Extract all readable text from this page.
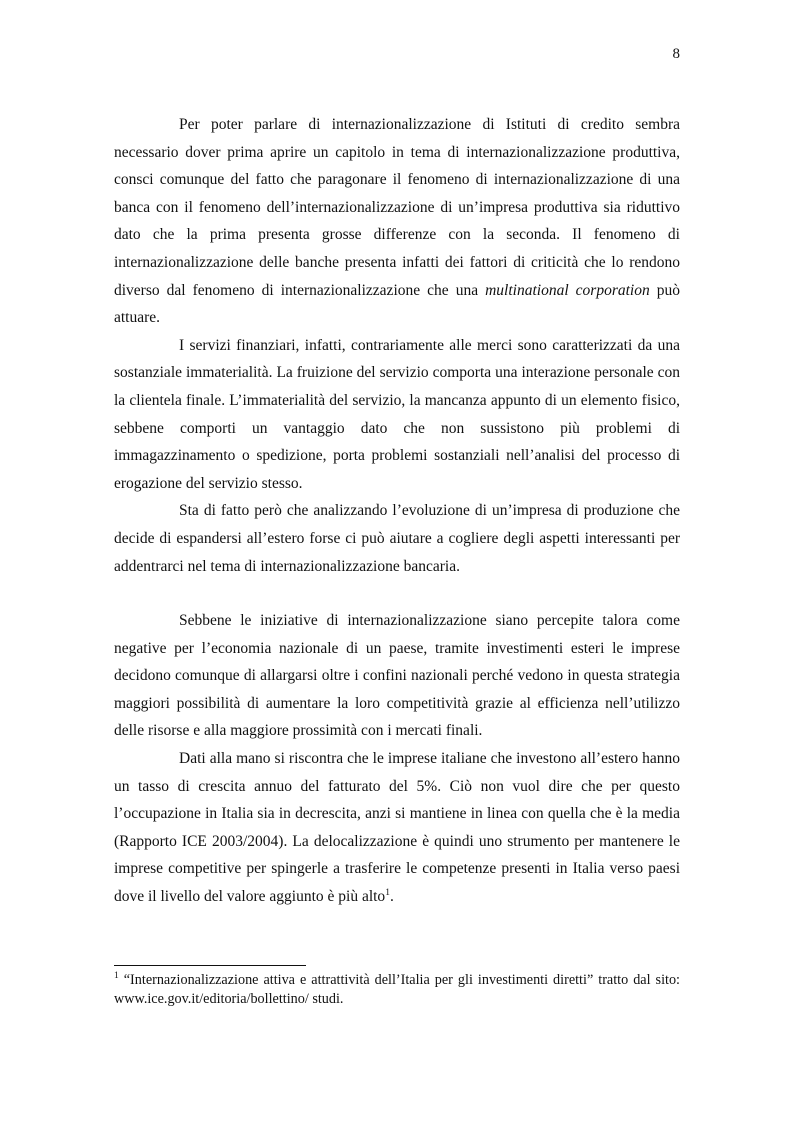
8

Per poter parlare di internazionalizzazione di Istituti di credito sembra necessario dover prima aprire un capitolo in tema di internazionalizzazione produttiva, consci comunque del fatto che paragonare il fenomeno di internazionalizzazione di una banca con il fenomeno dell’internazionalizzazione di un’impresa produttiva sia riduttivo dato che la prima presenta grosse differenze con la seconda. Il fenomeno di internazionalizzazione delle banche presenta infatti dei fattori di criticità che lo rendono diverso dal fenomeno di internazionalizzazione che una multinational corporation può attuare.

I servizi finanziari, infatti, contrariamente alle merci sono caratterizzati da una sostanziale immaterialità. La fruizione del servizio comporta una interazione personale con la clientela finale. L’immaterialità del servizio, la mancanza appunto di un elemento fisico, sebbene comporti un vantaggio dato che non sussistono più problemi di immagazzinamento o spedizione, porta problemi sostanziali nell’analisi del processo di erogazione del servizio stesso.

Sta di fatto però che analizzando l’evoluzione di un’impresa di produzione che decide di espandersi all’estero forse ci può aiutare a cogliere degli aspetti interessanti per addentrarci nel tema di internazionalizzazione bancaria.

Sebbene le iniziative di internazionalizzazione siano percepite talora come negative per l’economia nazionale di un paese, tramite investimenti esteri le imprese decidono comunque di allargarsi oltre i confini nazionali perché vedono in questa strategia maggiori possibilità di aumentare la loro competitività grazie al efficienza nell’utilizzo delle risorse e alla maggiore prossimità con i mercati finali.

Dati alla mano si riscontra che le imprese italiane che investono all’estero hanno un tasso di crescita annuo del fatturato del 5%. Ciò non vuol dire che per questo l’occupazione in Italia sia in decrescita, anzi si mantiene in linea con quella che è la media (Rapporto ICE 2003/2004). La delocalizzazione è quindi uno strumento per mantenere le imprese competitive per spingerle a trasferire le competenze presenti in Italia verso paesi dove il livello del valore aggiunto è più alto$^1$.

$^1$ “Internazionalizzazione attiva e attrattività dell’Italia per gli investimenti diretti” tratto dal sito: www.ice.gov.it/editoria/bollettino/ studi.
